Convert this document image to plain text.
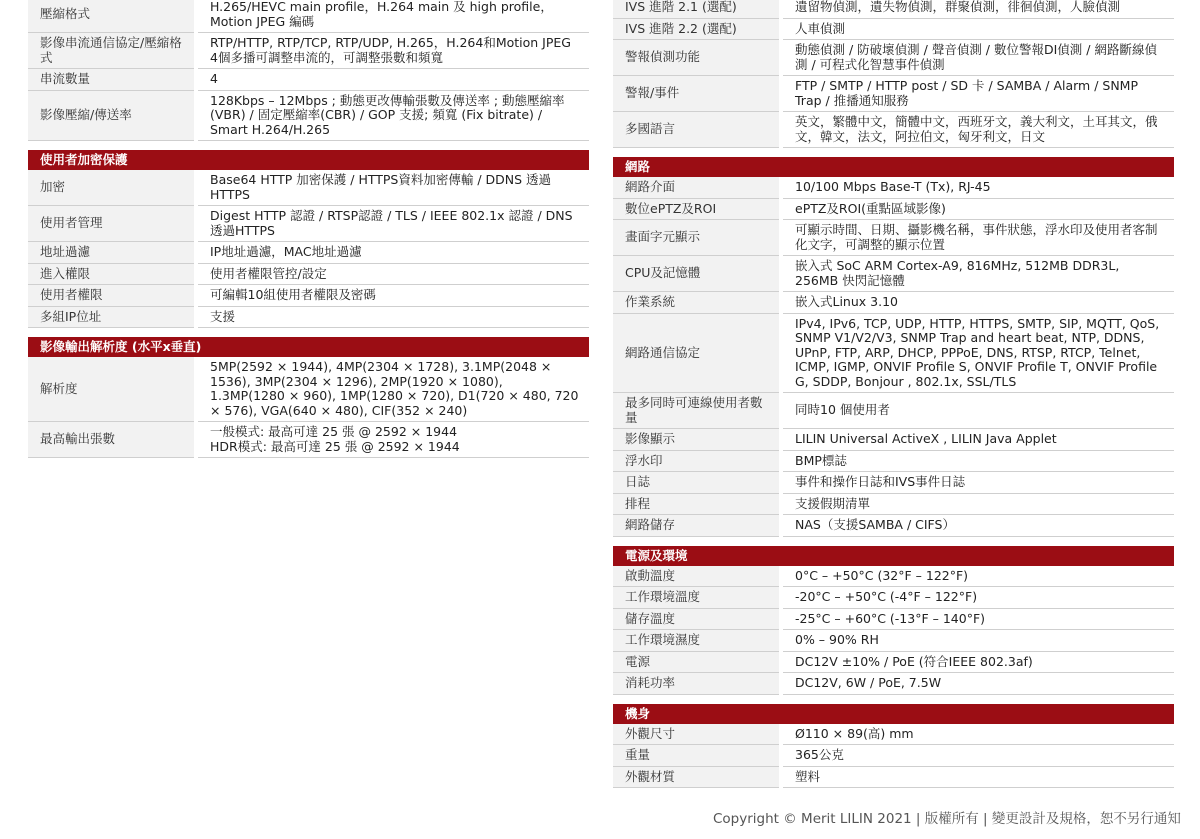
壓縮格式	H.265/HEVC main profile，H.264 main 及 high profile，Motion JPEG 編碼
影像串流通信協定/壓縮格式	RTP/HTTP, RTP/TCP, RTP/UDP, H.265，H.264和Motion JPEG 4個多播可調整串流的，可調整張數和頻寬
串流數量	4
影像壓縮/傳送率	128Kbps – 12Mbps ; 動態更改傳輸張數及傳送率 ; 動態壓縮率(VBR) / 固定壓縮率(CBR) / GOP 支援; 頻寬 (Fix bitrate) / Smart H.264/H.265
使用者加密保護
加密	Base64 HTTP 加密保護 / HTTPS資料加密傳輸 / DDNS 透過 HTTPS
使用者管理	Digest HTTP 認證 / RTSP認證 / TLS / IEEE 802.1x 認證 / DNS 透過HTTPS
地址過濾	IP地址過濾，MAC地址過濾
進入權限	使用者權限管控/設定
使用者權限	可編輯10組使用者權限及密碼
多組IP位址	支援
影像輸出解析度 (水平x垂直)
解析度	5MP(2592 × 1944), 4MP(2304 × 1728), 3.1MP(2048 × 1536), 3MP(2304 × 1296), 2MP(1920 × 1080), 1.3MP(1280 × 960), 1MP(1280 × 720), D1(720 × 480, 720 × 576), VGA(640 × 480), CIF(352 × 240)
最高輸出張數	一般模式: 最高可達 25 張 @ 2592 × 1944
HDR模式: 最高可達 25 張 @ 2592 × 1944
IVS 進階 2.1 (選配)	遺留物偵測，遺失物偵測，群聚偵測，徘徊偵測，人臉偵測
IVS 進階 2.2 (選配)	人車偵測
警報偵測功能	動態偵測 / 防破壞偵測 / 聲音偵測 / 數位警報DI偵測 / 網路斷線偵測 / 可程式化智慧事件偵測
警報/事件	FTP / SMTP / HTTP post / SD 卡 / SAMBA / Alarm / SNMP Trap / 推播通知服務
多國語言	英文，繁體中文，簡體中文，西班牙文，義大利文，土耳其文，俄文，韓文，法文，阿拉伯文，匈牙利文，日文
網路
網路介面	10/100 Mbps Base-T (Tx), RJ-45
數位ePTZ及ROI	ePTZ及ROI(重點區域影像)
畫面字元顯示	可顯示時間、日期、攝影機名稱，事件狀態，浮水印及使用者客制化文字，可調整的顯示位置
CPU及記憶體	嵌入式 SoC ARM Cortex-A9, 816MHz, 512MB DDR3L, 256MB 快閃記憶體
作業系統	嵌入式Linux 3.10
網路通信協定	IPv4, IPv6, TCP, UDP, HTTP, HTTPS, SMTP, SIP, MQTT, QoS, SNMP V1/V2/V3, SNMP Trap and heart beat, NTP, DDNS, UPnP, FTP, ARP, DHCP, PPPoE, DNS, RTSP, RTCP, Telnet, ICMP, IGMP, ONVIF Profile S, ONVIF Profile T, ONVIF Profile G, SDDP, Bonjour , 802.1x, SSL/TLS
最多同時可連線使用者數量	同時10 個使用者
影像顯示	LILIN Universal ActiveX , LILIN Java Applet
浮水印	BMP標誌
日誌	事件和操作日誌和IVS事件日誌
排程	支援假期清單
網路儲存	NAS（支援SAMBA / CIFS）
電源及環境
啟動溫度	0°C – +50°C (32°F – 122°F)
工作環境溫度	-20°C – +50°C (-4°F – 122°F)
儲存溫度	-25°C – +60°C (-13°F – 140°F)
工作環境濕度	0% – 90% RH
電源	DC12V ±10% / PoE (符合IEEE 802.3af)
消耗功率	DC12V, 6W / PoE, 7.5W
機身
外觀尺寸	Ø110 × 89(高) mm
重量	365公克
外觀材質	塑料
Copyright © Merit LILIN 2021 | 版權所有 | 變更設計及規格，恕不另行通知
